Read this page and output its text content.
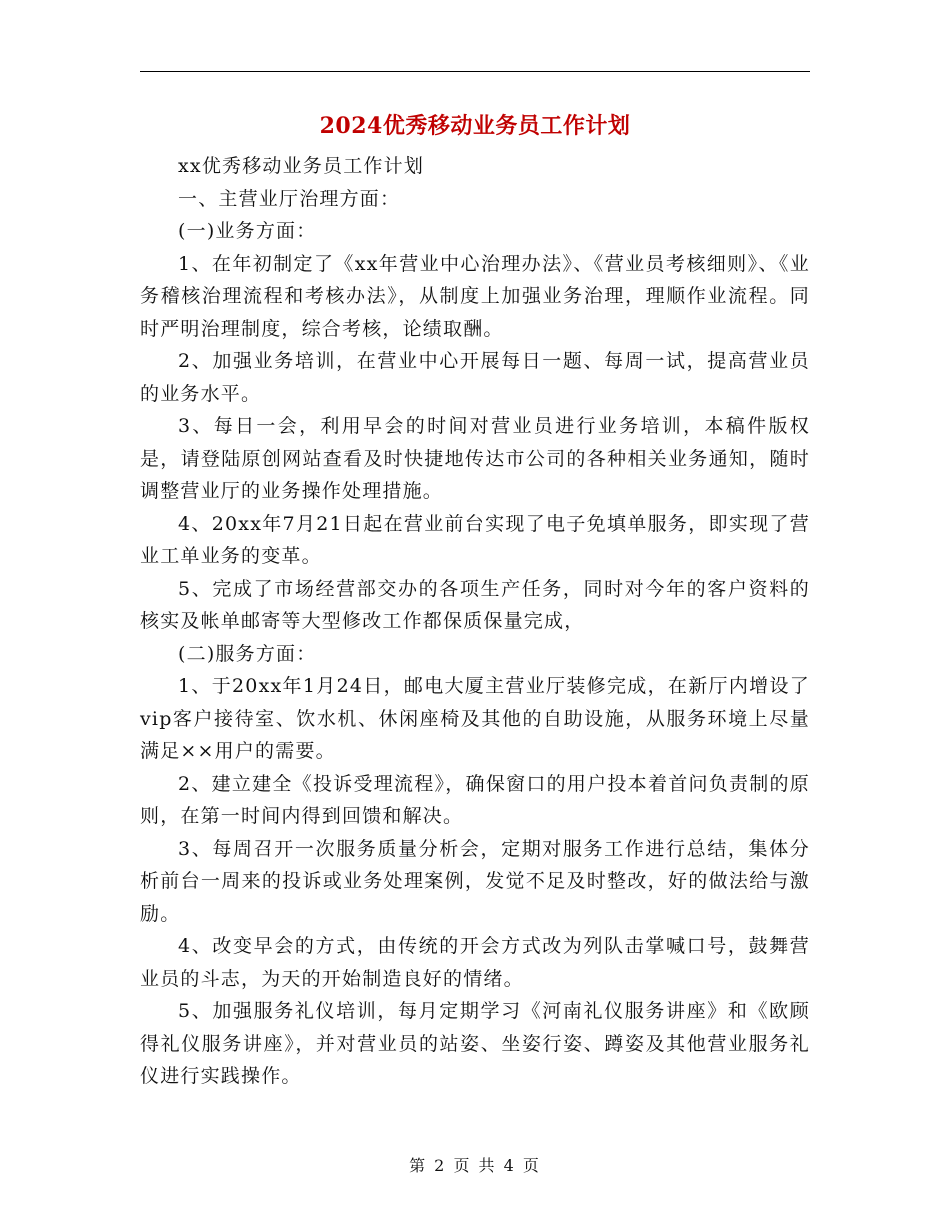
2024优秀移动业务员工作计划

xx优秀移动业务员工作计划

一、主营业厅治理方面：

(一)业务方面：

1、在年初制定了《xx年营业中心治理办法》、《营业员考核细则》、《业务稽核治理流程和考核办法》，从制度上加强业务治理，理顺作业流程。同时严明治理制度，综合考核，论绩取酬。

2、加强业务培训，在营业中心开展每日一题、每周一试，提高营业员的业务水平。

3、每日一会，利用早会的时间对营业员进行业务培训，本稿件版权是，请登陆原创网站查看及时快捷地传达市公司的各种相关业务通知，随时调整营业厅的业务操作处理措施。

4、20xx年7月21日起在营业前台实现了电子免填单服务，即实现了营业工单业务的变革。

5、完成了市场经营部交办的各项生产任务，同时对今年的客户资料的核实及帐单邮寄等大型修改工作都保质保量完成，

(二)服务方面：

1、于20xx年1月24日，邮电大厦主营业厅装修完成，在新厅内增设了vip客户接待室、饮水机、休闲座椅及其他的自助设施，从服务环境上尽量满足××用户的需要。

2、建立建全《投诉受理流程》，确保窗口的用户投本着首问负责制的原则，在第一时间内得到回馈和解决。

3、每周召开一次服务质量分析会，定期对服务工作进行总结，集体分析前台一周来的投诉或业务处理案例，发觉不足及时整改，好的做法给与激励。

4、改变早会的方式，由传统的开会方式改为列队击掌喊口号，鼓舞营业员的斗志，为天的开始制造良好的情绪。

5、加强服务礼仪培训，每月定期学习《河南礼仪服务讲座》和《欧顾得礼仪服务讲座》，并对营业员的站姿、坐姿行姿、蹲姿及其他营业服务礼仪进行实践操作。

第 2 页 共 4 页
